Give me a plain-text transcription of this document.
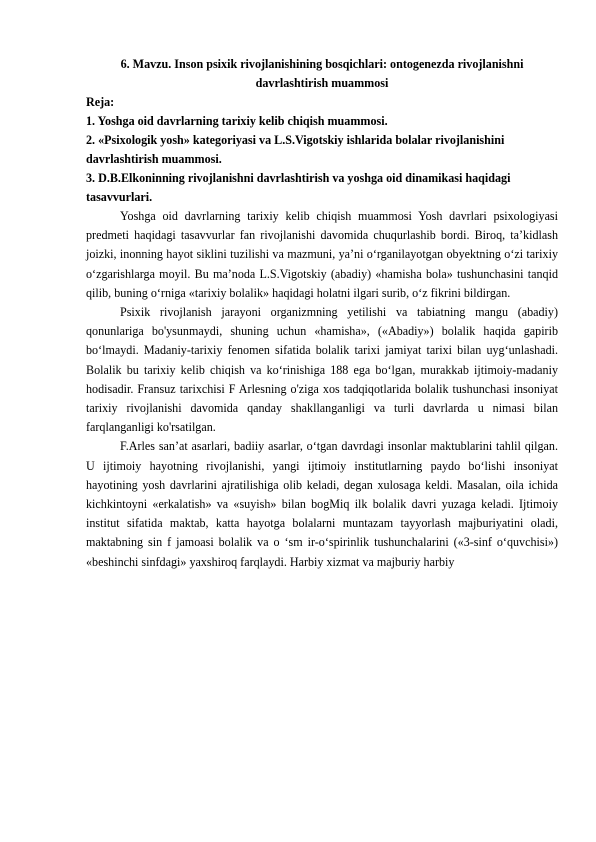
6. Mavzu. Inson psixik rivojlanishining bosqichlari: ontogenezda rivojlanishni davrlashtirish muammosi

Reja:

1. Yoshga oid davrlarning tarixiy kelib chiqish muammosi.

2. «Psixologik yosh» kategoriyasi va L.S.Vigotskiy ishlarida bolalar rivojlanishini davrlashtirish muammosi.

3. D.B.Elkoninning rivojlanishni davrlashtirish va yoshga oid dinamikasi haqidagi tasavvurlari.

Yoshga oid davrlarning tarixiy kelib chiqish muammosi Yosh davrlari psixologiyasi predmeti haqidagi tasavvurlar fan rivojlanishi davomida chuqurlashib bordi. Biroq, ta’kidlash joizki, inonning hayot siklini tuzilishi va mazmuni, ya’ni o‘rganilayotgan obyektning o‘zi tarixiy o‘zgarishlarga moyil. Bu ma’noda L.S.Vigotskiy (abadiy) «hamisha bola» tushunchasini tanqid qilib, buning o‘rniga «tarixiy bolalik» haqidagi holatni ilgari surib, o‘z fikrini bildirgan.

Psixik rivojlanish jarayoni organizmning yetilishi va tabiatning mangu (abadiy) qonunlariga bo'ysunmaydi, shuning uchun «hamisha», («Abadiy») bolalik haqida gapirib bo‘lmaydi. Madaniy-tarixiy fenomen sifatida bolalik tarixi jamiyat tarixi bilan uyg‘unlashadi. Bolalik bu tarixiy kelib chiqish va ko‘rinishiga 188 ega bo‘lgan, murakkab ijtimoiy-madaniy hodisadir. Fransuz tarixchisi F Arlesning o'ziga xos tadqiqotlarida bolalik tushunchasi insoniyat tarixiy rivojlanishi davomida qanday shakllanganligi va turli davrlarda u nimasi bilan farqlanganligi ko'rsatilgan.

F.Arles san’at asarlari, badiiy asarlar, o‘tgan davrdagi insonlar maktublarini tahlil qilgan. U ijtimoiy hayotning rivojlanishi, yangi ijtimoiy institutlarning paydo bo‘lishi insoniyat hayotining yosh davrlarini ajratilishiga olib keladi, degan xulosaga keldi. Masalan, oila ichida kichkintoyni «erkalatish» va «suyish» bilan bogMiq ilk bolalik davri yuzaga keladi. Ijtimoiy institut sifatida maktab, katta hayotga bolalarni muntazam tayyorlash majburiyatini oladi, maktabning sin f jamoasi bolalik va o ‘sm ir-o‘spirinlik tushunchalarini («3-sinf o‘quvchisi») «beshinchi sinfdagi» yaxshiroq farqlaydi. Harbiy xizmat va majburiy harbiy
